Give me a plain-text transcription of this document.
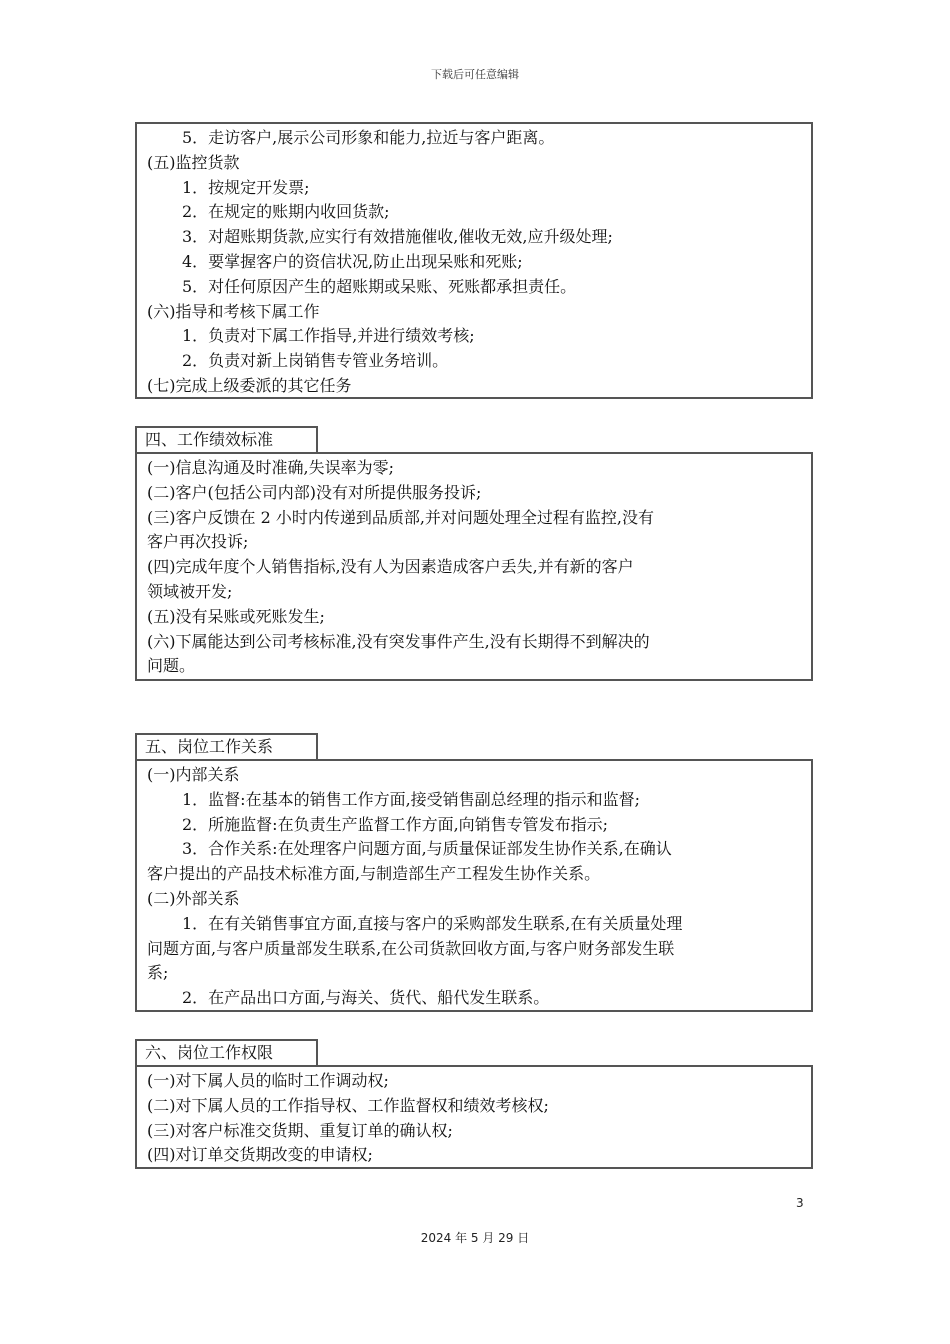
下载后可任意编辑

5．走访客户,展示公司形象和能力,拉近与客户距离。

(五)监控货款

1．按规定开发票;

2．在规定的账期内收回货款;

3．对超账期货款,应实行有效措施催收,催收无效,应升级处理;

4．要掌握客户的资信状况,防止出现呆账和死账;

5．对任何原因产生的超账期或呆账、死账都承担责任。

(六)指导和考核下属工作

1．负责对下属工作指导,并进行绩效考核;

2．负责对新上岗销售专管业务培训。

(七)完成上级委派的其它任务

四、工作绩效标准

(一)信息沟通及时准确,失误率为零;

(二)客户(包括公司内部)没有对所提供服务投诉;

(三)客户反馈在 2 小时内传递到品质部,并对问题处理全过程有监控,没有

客户再次投诉;

(四)完成年度个人销售指标,没有人为因素造成客户丢失,并有新的客户

领域被开发;

(五)没有呆账或死账发生;

(六)下属能达到公司考核标准,没有突发事件产生,没有长期得不到解决的

问题。

五、岗位工作关系

(一)内部关系

1．监督:在基本的销售工作方面,接受销售副总经理的指示和监督;

2．所施监督:在负责生产监督工作方面,向销售专管发布指示;

3．合作关系:在处理客户问题方面,与质量保证部发生协作关系,在确认

客户提出的产品技术标准方面,与制造部生产工程发生协作关系。

(二)外部关系

1．在有关销售事宜方面,直接与客户的采购部发生联系,在有关质量处理

问题方面,与客户质量部发生联系,在公司货款回收方面,与客户财务部发生联

系;

2．在产品出口方面,与海关、货代、船代发生联系。

六、岗位工作权限

(一)对下属人员的临时工作调动权;

(二)对下属人员的工作指导权、工作监督权和绩效考核权;

(三)对客户标准交货期、重复订单的确认权;

(四)对订单交货期改变的申请权;

3
2024 年 5 月 29 日
